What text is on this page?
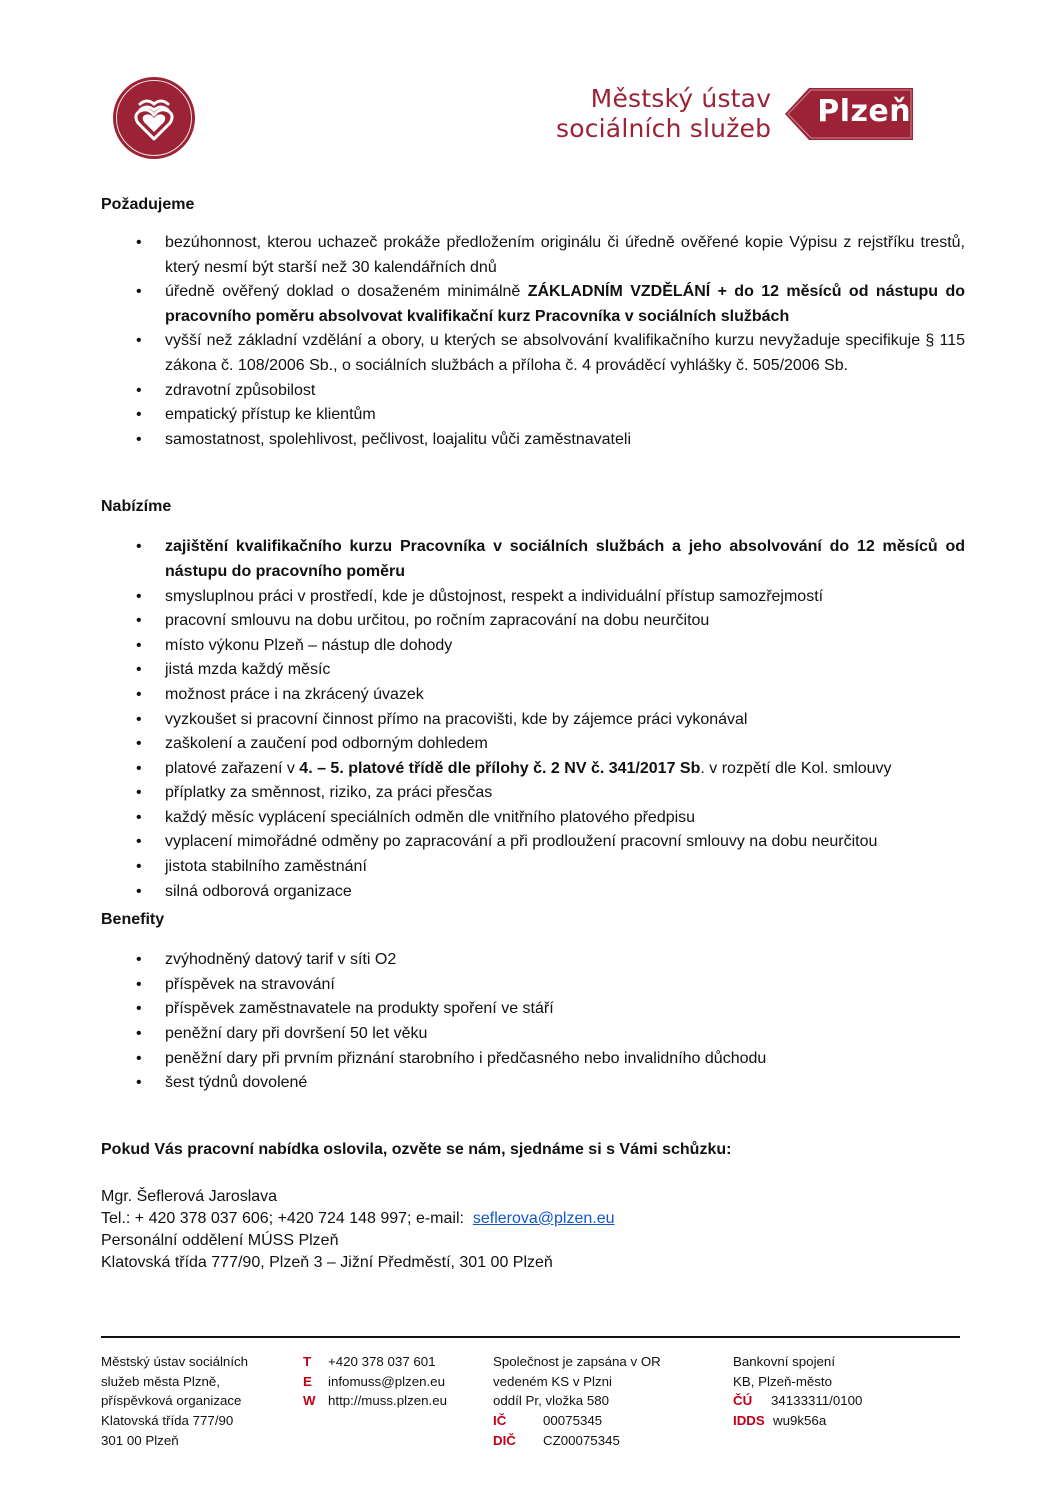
Městský ústav
sociálních služeb Plzeň
Požadujeme
• bezúhonnost, kterou uchazeč prokáže předložením originálu či úředně ověřené kopie Výpisu z rejstříku trestů, který nesmí být starší než 30 kalendářních dnů
• úředně ověřený doklad o dosaženém minimálně ZÁKLADNÍM VZDĚLÁNÍ + do 12 měsíců od nástupu do pracovního poměru absolvovat kvalifikační kurz Pracovníka v sociálních službách
• vyšší než základní vzdělání a obory, u kterých se absolvování kvalifikačního kurzu nevyžaduje specifikuje § 115 zákona č. 108/2006 Sb., o sociálních službách a příloha č. 4 prováděcí vyhlášky č. 505/2006 Sb.
• zdravotní způsobilost
• empatický přístup ke klientům
• samostatnost, spolehlivost, pečlivost, loajalitu vůči zaměstnavateli
Nabízíme
• zajištění kvalifikačního kurzu Pracovníka v sociálních službách a jeho absolvování do 12 měsíců od nástupu do pracovního poměru
• smysluplnou práci v prostředí, kde je důstojnost, respekt a individuální přístup samozřejmostí
• pracovní smlouvu na dobu určitou, po ročním zapracování na dobu neurčitou
• místo výkonu Plzeň – nástup dle dohody
• jistá mzda každý měsíc
• možnost práce i na zkrácený úvazek
• vyzkoušet si pracovní činnost přímo na pracovišti, kde by zájemce práci vykonával
• zaškolení a zaučení pod odborným dohledem
• platové zařazení v 4. – 5. platové třídě dle přílohy č. 2 NV č. 341/2017 Sb. v rozpětí dle Kol. smlouvy
• příplatky za směnnost, riziko, za práci přesčas
• každý měsíc vyplácení speciálních odměn dle vnitřního platového předpisu
• vyplacení mimořádné odměny po zapracování a při prodloužení pracovní smlouvy na dobu neurčitou
• jistota stabilního zaměstnání
• silná odborová organizace
Benefity
• zvýhodněný datový tarif v síti O2
• příspěvek na stravování
• příspěvek zaměstnavatele na produkty spoření ve stáří
• peněžní dary při dovršení 50 let věku
• peněžní dary při prvním přiznání starobního i předčasného nebo invalidního důchodu
• šest týdnů dovolené
Pokud Vás pracovní nabídka oslovila, ozvěte se nám, sjednáme si s Vámi schůzku:
Mgr. Šeflerová Jaroslava
Tel.: + 420 378 037 606; +420 724 148 997; e-mail:  seflerova@plzen.eu
Personální oddělení MÚSS Plzeň
Klatovská třída 777/90, Plzeň 3 – Jižní Předměstí, 301 00 Plzeň
Městský ústav sociálních
služeb města Plzně,
příspěvková organizace
Klatovská třída 777/90
301 00 Plzeň
T +420 378 037 601
E infomuss@plzen.eu
W http://muss.plzen.eu
Společnost je zapsána v OR
vedeném KS v Plzni
oddíl Pr, vložka 580
IČ	00075345
DIČ CZ00075345
Bankovní spojení
KB, Plzeň-město
ČÚ 34133311/0100
IDDS wu9k56a
